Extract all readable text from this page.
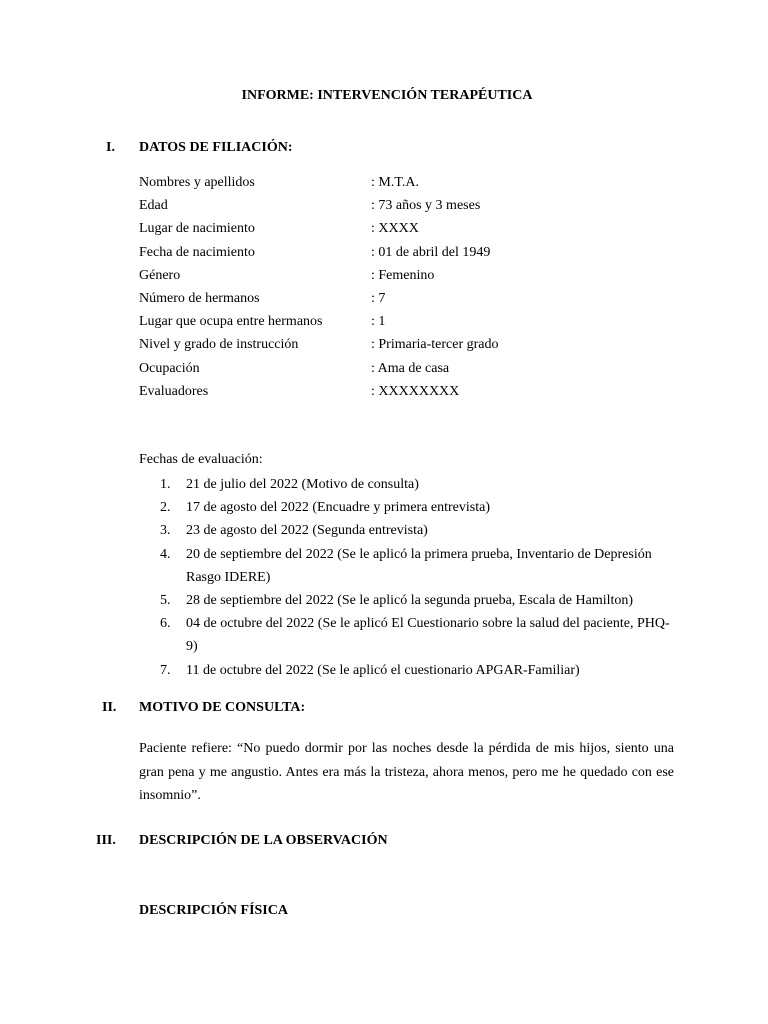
INFORME: INTERVENCIÓN TERAPÉUTICA
I. DATOS DE FILIACIÓN:
Nombres y apellidos	: M.T.A.
Edad	: 73 años y 3 meses
Lugar de nacimiento	: XXXX
Fecha de nacimiento	: 01 de abril del 1949
Género	: Femenino
Número de hermanos	: 7
Lugar que ocupa entre hermanos	: 1
Nivel y grado de instrucción	: Primaria-tercer grado
Ocupación	: Ama de casa
Evaluadores	: XXXXXXXX
Fechas de evaluación:
1. 21 de julio del 2022 (Motivo de consulta)
2. 17 de agosto del 2022 (Encuadre y primera entrevista)
3. 23 de agosto del 2022 (Segunda entrevista)
4. 20 de septiembre del 2022 (Se le aplicó la primera prueba, Inventario de Depresión Rasgo IDERE)
5. 28 de septiembre del 2022 (Se le aplicó la segunda prueba, Escala de Hamilton)
6. 04 de octubre del 2022 (Se le aplicó El Cuestionario sobre la salud del paciente, PHQ-9)
7. 11 de octubre del 2022 (Se le aplicó el cuestionario APGAR-Familiar)
II. MOTIVO DE CONSULTA:
Paciente refiere: “No puedo dormir por las noches desde la pérdida de mis hijos, siento una gran pena y me angustio. Antes era más la tristeza, ahora menos, pero me he quedado con ese insomnio”.
III. DESCRIPCIÓN DE LA OBSERVACIÓN
DESCRIPCIÓN FÍSICA
